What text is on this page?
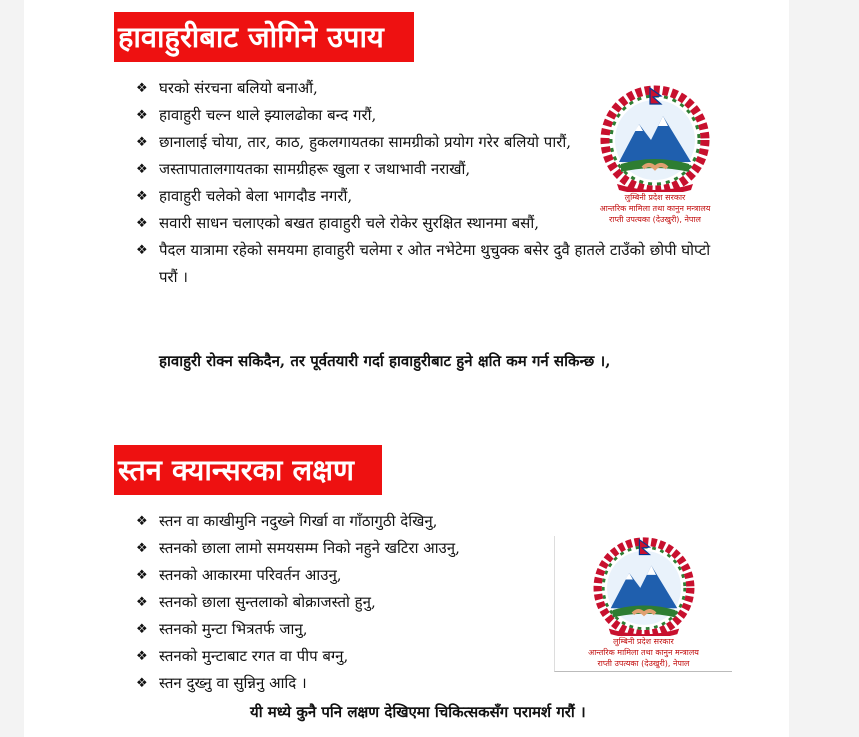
हावाहुरीबाट जोगिने उपाय
❖ घरको संरचना बलियो बनाऔं,
❖ हावाहुरी चल्न थाले झ्यालढोका बन्द गरौं,
❖ छानालाई चोया, तार, काठ, हुकलगायतका सामग्रीको प्रयोग गरेर बलियो पारौं,
❖ जस्तापातालगायतका सामग्रीहरू खुला र जथाभावी नराखौं,
❖ हावाहुरी चलेको बेला भागदौड नगरौं,
❖ सवारी साधन चलाएको बखत हावाहुरी चले रोकेर सुरक्षित स्थानमा बसौं,
❖ पैदल यात्रामा रहेको समयमा हावाहुरी चलेमा र ओत नभेटेमा थुचुक्क बसेर दुवै हातले टाउँको छोपी घोप्टो परौं ।
हावाहुरी रोक्न सकिदैन, तर पूर्वतयारी गर्दा हावाहुरीबाट हुने क्षति कम गर्न सकिन्छ ।,
लुम्बिनी प्रदेश सरकार
आन्तरिक मामिला तथा कानुन मन्त्रालय
राप्ती उपत्यका (देउखुरी), नेपाल
स्तन क्यान्सरका लक्षण
❖ स्तन वा काखीमुनि नदुख्ने गिर्खा वा गाँठागुठी देखिनु,
❖ स्तनको छाला लामो समयसम्म निको नहुने खटिरा आउनु,
❖ स्तनको आकारमा परिवर्तन आउनु,
❖ स्तनको छाला सुन्तलाको बोक्राजस्तो हुनु,
❖ स्तनको मुन्टा भित्रतर्फ जानु,
❖ स्तनको मुन्टाबाट रगत वा पीप बग्नु,
❖ स्तन दुख्नु वा सुन्निनु आदि ।
यी मध्ये कुनै पनि लक्षण देखिएमा चिकित्सकसँग परामर्श गरौं ।
लुम्बिनी प्रदेश सरकार
आन्तरिक मामिला तथा कानुन मन्त्रालय
राप्ती उपत्यका (देउखुरी), नेपाल
